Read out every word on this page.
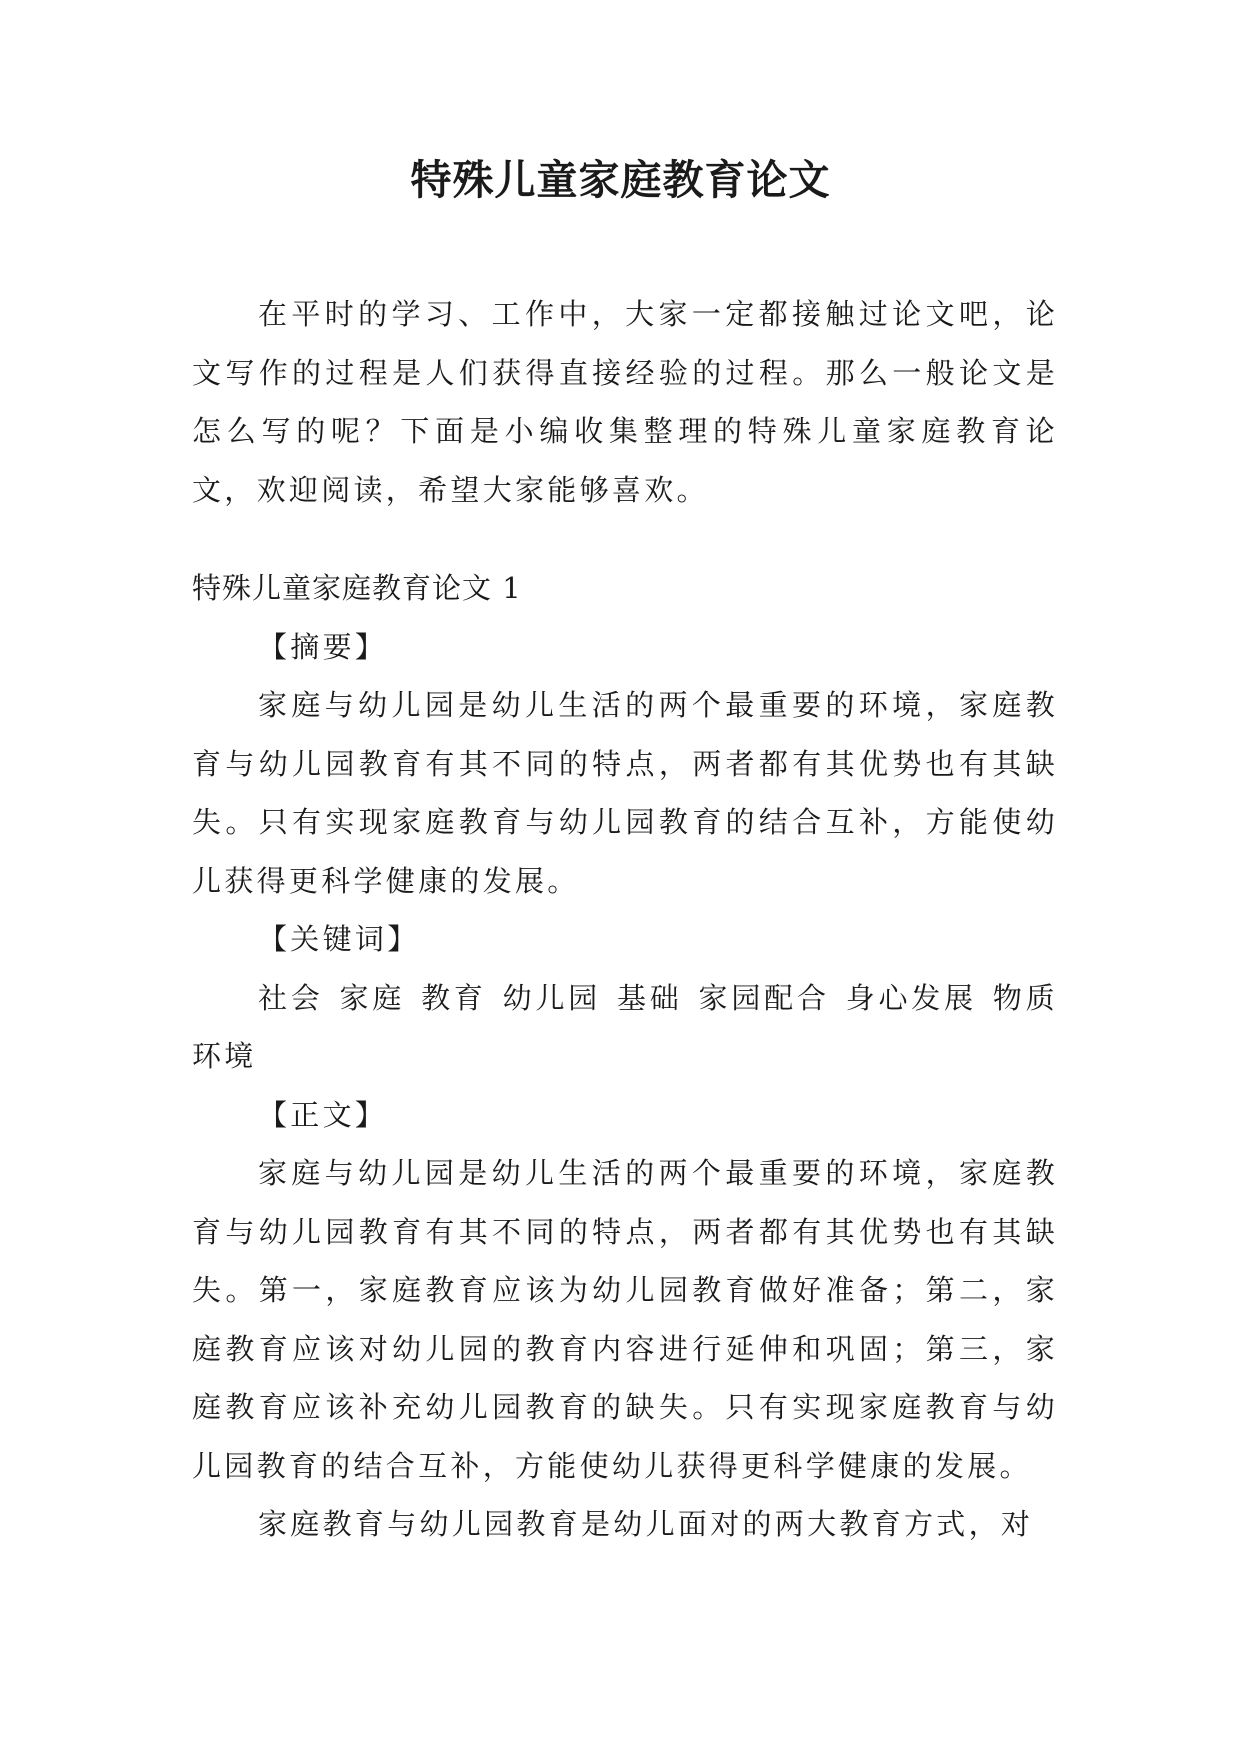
特殊儿童家庭教育论文

在平时的学习、工作中，大家一定都接触过论文吧，论文写作的过程是人们获得直接经验的过程。那么一般论文是怎么写的呢？下面是小编收集整理的特殊儿童家庭教育论文，欢迎阅读，希望大家能够喜欢。

特殊儿童家庭教育论文 1

【摘要】

家庭与幼儿园是幼儿生活的两个最重要的环境，家庭教育与幼儿园教育有其不同的特点，两者都有其优势也有其缺失。只有实现家庭教育与幼儿园教育的结合互补，方能使幼儿获得更科学健康的发展。

【关键词】

社会 家庭 教育 幼儿园 基础 家园配合 身心发展 物质环境

【正文】

家庭与幼儿园是幼儿生活的两个最重要的环境，家庭教育与幼儿园教育有其不同的特点，两者都有其优势也有其缺失。第一，家庭教育应该为幼儿园教育做好准备；第二，家庭教育应该对幼儿园的教育内容进行延伸和巩固；第三，家庭教育应该补充幼儿园教育的缺失。只有实现家庭教育与幼儿园教育的结合互补，方能使幼儿获得更科学健康的发展。

家庭教育与幼儿园教育是幼儿面对的两大教育方式，对
